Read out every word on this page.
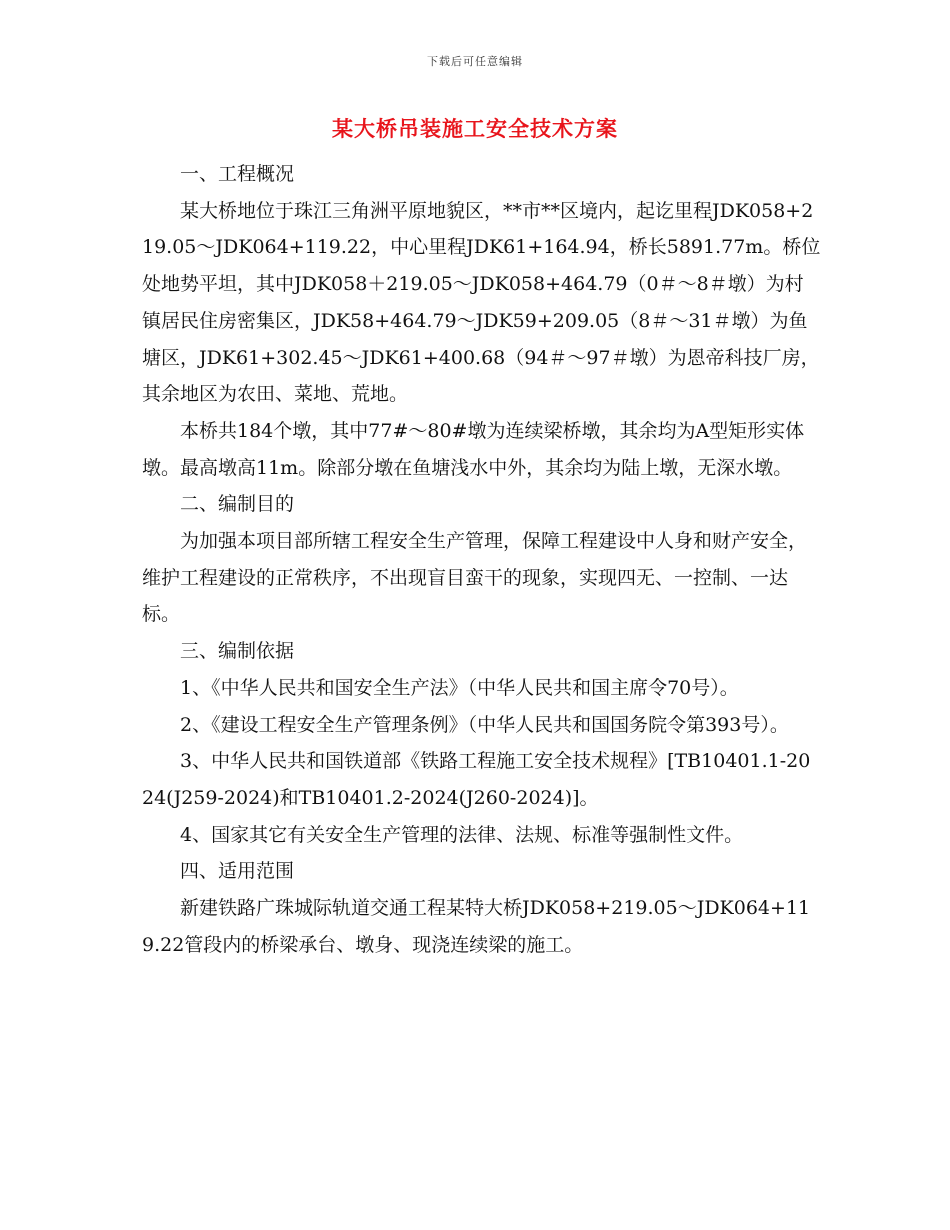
下载后可任意编辑
某大桥吊装施工安全技术方案

一、工程概况

某大桥地位于珠江三角洲平原地貌区，**市**区境内，起讫里程JDK058+219.05～JDK064+119.22，中心里程JDK61+164.94，桥长5891.77m。桥位处地势平坦，其中JDK058＋219.05～JDK058+464.79（0＃～8＃墩）为村镇居民住房密集区，JDK58+464.79～JDK59+209.05（8＃～31＃墩）为鱼塘区，JDK61+302.45～JDK61+400.68（94＃～97＃墩）为恩帝科技厂房，其余地区为农田、菜地、荒地。

本桥共184个墩，其中77#～80#墩为连续梁桥墩，其余均为A型矩形实体墩。最高墩高11m。除部分墩在鱼塘浅水中外，其余均为陆上墩，无深水墩。

二、编制目的

为加强本项目部所辖工程安全生产管理，保障工程建设中人身和财产安全，维护工程建设的正常秩序，不出现盲目蛮干的现象，实现四无、一控制、一达标。

三、编制依据

1、《中华人民共和国安全生产法》（中华人民共和国主席令70号）。

2、《建设工程安全生产管理条例》（中华人民共和国国务院令第393号）。

3、中华人民共和国铁道部《铁路工程施工安全技术规程》[TB10401.1-2024(J259-2024)和TB10401.2-2024(J260-2024)]。

4、国家其它有关安全生产管理的法律、法规、标准等强制性文件。

四、适用范围

新建铁路广珠城际轨道交通工程某特大桥JDK058+219.05～JDK064+119.22管段内的桥梁承台、墩身、现浇连续梁的施工。
